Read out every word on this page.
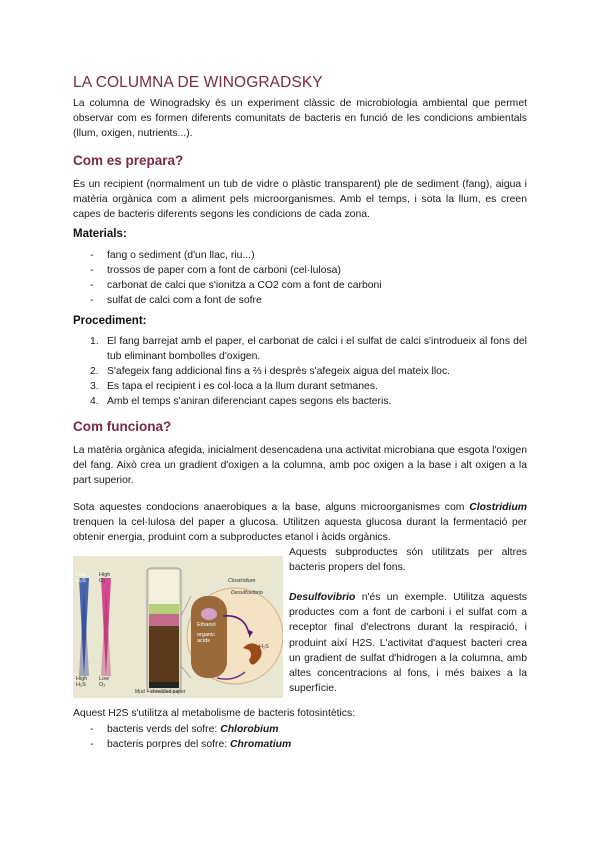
LA COLUMNA DE WINOGRADSKY

La columna de Winogradsky és un experiment clàssic de microbiologia ambiental que permet observar com es formen diferents comunitats de bacteris en funció de les condicions ambientals (llum, oxigen, nutrients...).

Com es prepara?

És un recipient (normalment un tub de vidre o plàstic transparent) ple de sediment (fang), aigua i matèria orgànica com a aliment pels microorganismes. Amb el temps, i sota la llum, es creen capes de bacteris diferents segons les condicions de cada zona.

Materials:
- fang o sediment (d'un llac, riu...)
- trossos de paper com a font de carboni (cel·lulosa)
- carbonat de calci que s'ionitza a CO2 com a font de carboni
- sulfat de calci com a font de sofre
Procediment:
1. El fang barrejat amb el paper, el carbonat de calci i el sulfat de calci s'introdueix al fons del tub eliminant bombolles d'oxigen.
2. S'afegeix fang addicional fins a ⅔ i després s'afegeix aigua del mateix lloc.
3. Es tapa el recipient i es col·loca a la llum durant setmanes.
4. Amb el temps s'aniran diferenciant capes segons els bacteris.
Com funciona?

La matèria orgànica afegida, inicialment desencadena una activitat microbiana que esgota l'oxigen del fang. Això crea un gradient d'oxigen a la columna, amb poc oxigen a la base i alt oxigen a la part superior.

Sota aquestes condocions anaerobiques a la base, alguns microorganismes com Clostridium trenquen la cel·lulosa del paper a glucosa. Utilitzen aquesta glucosa durant la fermentació per obtenir energia, produint com a subproductes etanol i àcids orgànics.

Low H₂S
High O₂
High H₂S
Low O₂
Clostridium
Desulfovibrio
Ethanol
organic acids
H₂S
Mud + shredded paper

Aquests subproductes són utilitzats per altres bacteris propers del fons.

Desulfovibrio n'és un exemple. Utilitza aquests productes com a font de carboni i el sulfat com a receptor final d'electrons durant la respiració, i produint així H2S. L'activitat d'aquest bacteri crea un gradient de sulfat d'hidrogen a la columna, amb altes concentracions al fons, i més baixes a la superfície.

Aquest H2S s'utilitza al metabolisme de bacteris fotosintètics:

- bacteris verds del sofre: Chlorobium
- bacteris porpres del sofre: Chromatium
